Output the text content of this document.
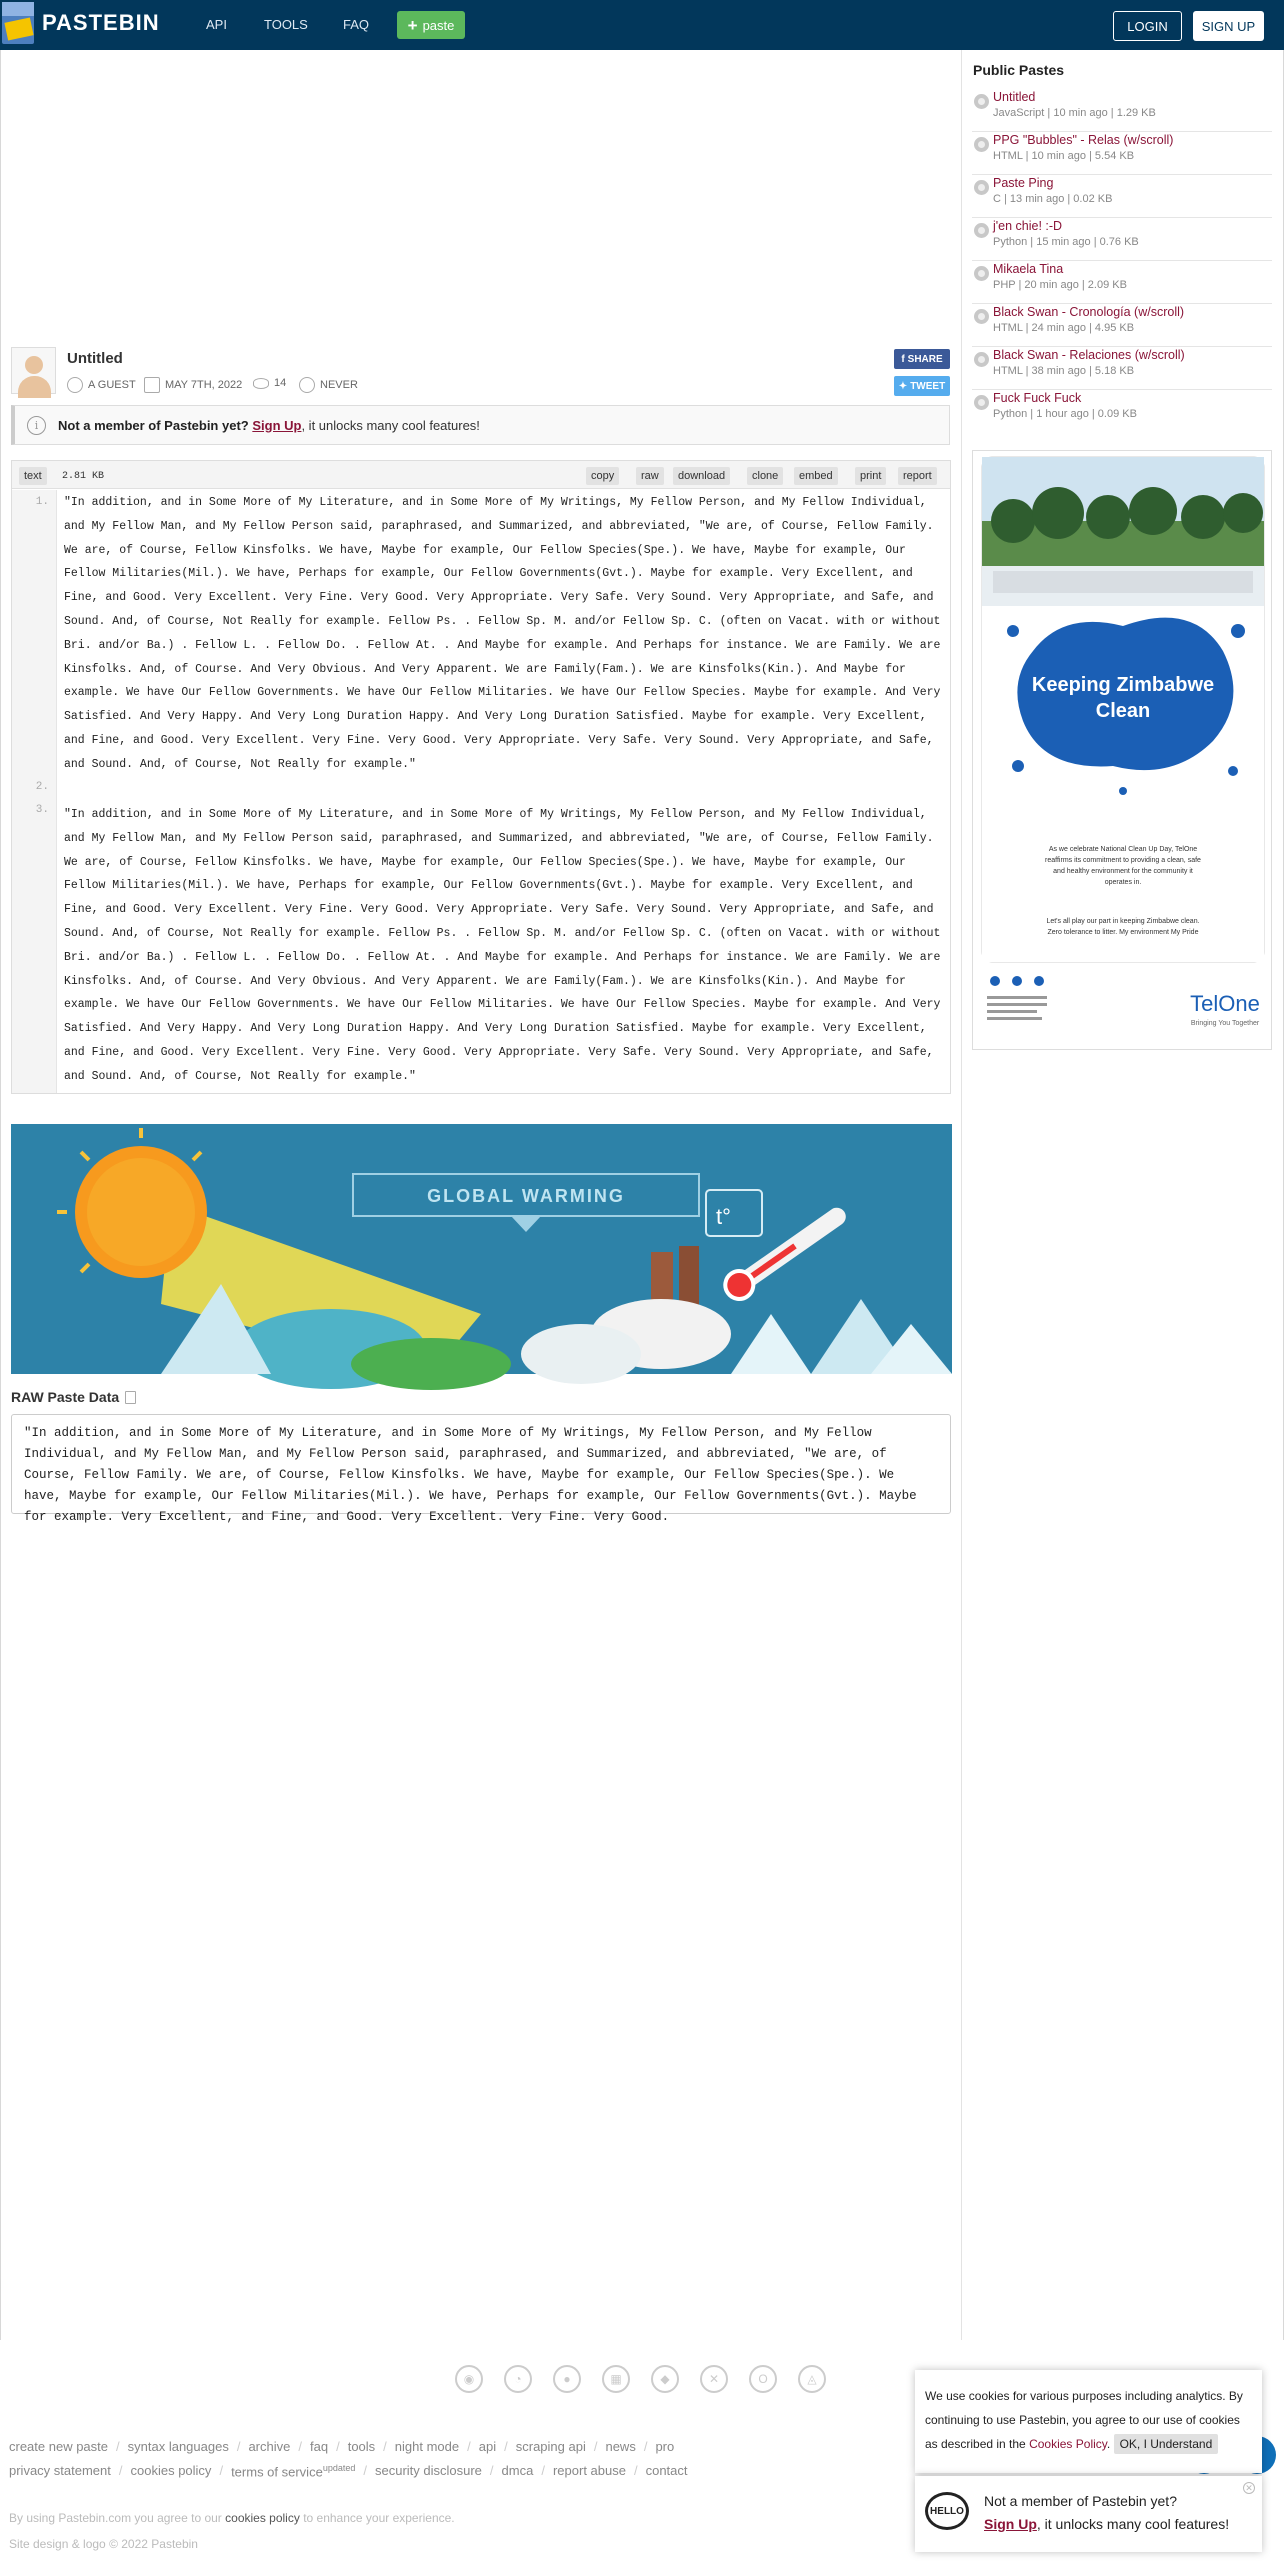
PASTEBIN	API	TOOLS	FAQ + paste	LOGIN	SIGN UP
Untitled
A GUEST	MAY 7TH, 2022	14	NEVER
f SHARE
✦ TWEET
i	Not a member of Pastebin yet?
Sign Up , it unlocks many cool features!
text	2.81 KB	copy	raw	download	clone	embed	print	report
1.
2.
3.
"In addition, and in Some More of My Literature, and in Some More of My Writings, My Fellow Person, and My Fellow Individual, and My Fellow Man, and My Fellow Person said, paraphrased, and Summarized, and abbreviated, "We are, of Course, Fellow Family. We are, of Course, Fellow Kinsfolks. We have, Maybe for example, Our Fellow Species(Spe.). We have, Maybe for example, Our Fellow Militaries(Mil.). We have, Perhaps for example, Our Fellow Governments(Gvt.). Maybe for example. Very Excellent, and Fine, and Good. Very Excellent. Very Fine. Very Good. Very Appropriate. Very Safe. Very Sound. Very Appropriate, and Safe, and Sound. And, of Course, Not Really for example. Fellow Ps. . Fellow Sp. M. and/or Fellow Sp. C. (often on Vacat. with or without Bri. and/or Ba.) . Fellow L. . Fellow Do. . Fellow At. . And Maybe for example. And Perhaps for instance. We are Family. We are Kinsfolks. And, of Course. And Very Obvious. And Very Apparent. We are Family(Fam.). We are Kinsfolks(Kin.). And Maybe for example. We have Our Fellow Governments. We have Our Fellow Militaries. We have Our Fellow Species. Maybe for example. And Very Satisfied. And Very Happy. And Very Long Duration Happy. And Very Long Duration Satisfied. Maybe for example. Very Excellent, and Fine, and Good. Very Excellent. Very Fine. Very Good. Very Appropriate. Very Safe. Very Sound. Very Appropriate, and Safe, and Sound. And, of Course, Not Really for example."
"In addition, and in Some More of My Literature, and in Some More of My Writings, My Fellow Person, and My Fellow Individual, and My Fellow Man, and My Fellow Person said, paraphrased, and Summarized, and abbreviated, "We are, of Course, Fellow Family. We are, of Course, Fellow Kinsfolks. We have, Maybe for example, Our Fellow Species(Spe.). We have, Maybe for example, Our Fellow Militaries(Mil.). We have, Perhaps for example, Our Fellow Governments(Gvt.). Maybe for example. Very Excellent, and Fine, and Good. Very Excellent. Very Fine. Very Good. Very Appropriate. Very Safe. Very Sound. Very Appropriate, and Safe, and Sound. And, of Course, Not Really for example. Fellow Ps. . Fellow Sp. M. and/or Fellow Sp. C. (often on Vacat. with or without Bri. and/or Ba.) . Fellow L. . Fellow Do. . Fellow At. . And Maybe for example. And Perhaps for instance. We are Family. We are Kinsfolks. And, of Course. And Very Obvious. And Very Apparent. We are Family(Fam.). We are Kinsfolks(Kin.). And Maybe for example. We have Our Fellow Governments. We have Our Fellow Militaries. We have Our Fellow Species. Maybe for example. And Very Satisfied. And Very Happy. And Very Long Duration Happy. And Very Long Duration Satisfied. Maybe for example. Very Excellent, and Fine, and Good. Very Excellent. Very Fine. Very Good. Very Appropriate. Very Safe. Very Sound. Very Appropriate, and Safe, and Sound. And, of Course, Not Really for example."
GLOBAL WARMING
t°
RAW Paste Data
"In addition, and in Some More of My Literature, and in Some More of My Writings, My Fellow Person, and My Fellow Individual, and My Fellow Man, and My Fellow Person said, paraphrased, and Summarized, and abbreviated, "We are, of Course, Fellow Family. We are, of Course, Fellow Kinsfolks. We have, Maybe for example, Our Fellow Species(Spe.). We have, Maybe for example, Our Fellow Militaries(Mil.). We have, Perhaps for example, Our Fellow Governments(Gvt.). Maybe for example. Very Excellent, and Fine, and Good. Very Excellent. Very Fine. Very Good.
Public Pastes
Untitled
JavaScript | 10 min ago | 1.29 KB
PPG "Bubbles" - Relas (w/scroll)
HTML | 10 min ago | 5.54 KB
Paste Ping
C | 13 min ago | 0.02 KB
j'en chie! :-D
Python | 15 min ago | 0.76 KB
Mikaela Tina
PHP | 20 min ago | 2.09 KB
Black Swan - Cronología (w/scroll)
HTML | 24 min ago | 4.95 KB
Black Swan - Relaciones (w/scroll)
HTML | 38 min ago | 5.18 KB
Fuck Fuck Fuck
Python | 1 hour ago | 0.09 KB
Keeping Zimbabwe
Clean
As we celebrate National Clean Up Day, TelOne
reaffirms its commitment to providing a clean, safe
and healthy environment for the community it
operates in.
Let's all play our part in keeping Zimbabwe clean.
Zero tolerance to litter. My environment My Pride
TelOne
Bringing You Together
◉	◔	●	▦	◆	✕	O	◬
create new paste / syntax languages / archive / faq / tools / night mode / api / scraping api / news / pro
privacy statement / cookies policy / terms of service$^{updated}$ / security disclosure / dmca / report abuse / contact
By using Pastebin.com you agree to our cookies policy to enhance your experience.
Site design & logo © 2022 Pastebin
We use cookies for various purposes including analytics. By continuing to use Pastebin, you agree to our use of cookies as described in the Cookies Policy. OK, I Understand
HELLO
Not a member of Pastebin yet?
Sign Up, it unlocks many cool features!
✕
